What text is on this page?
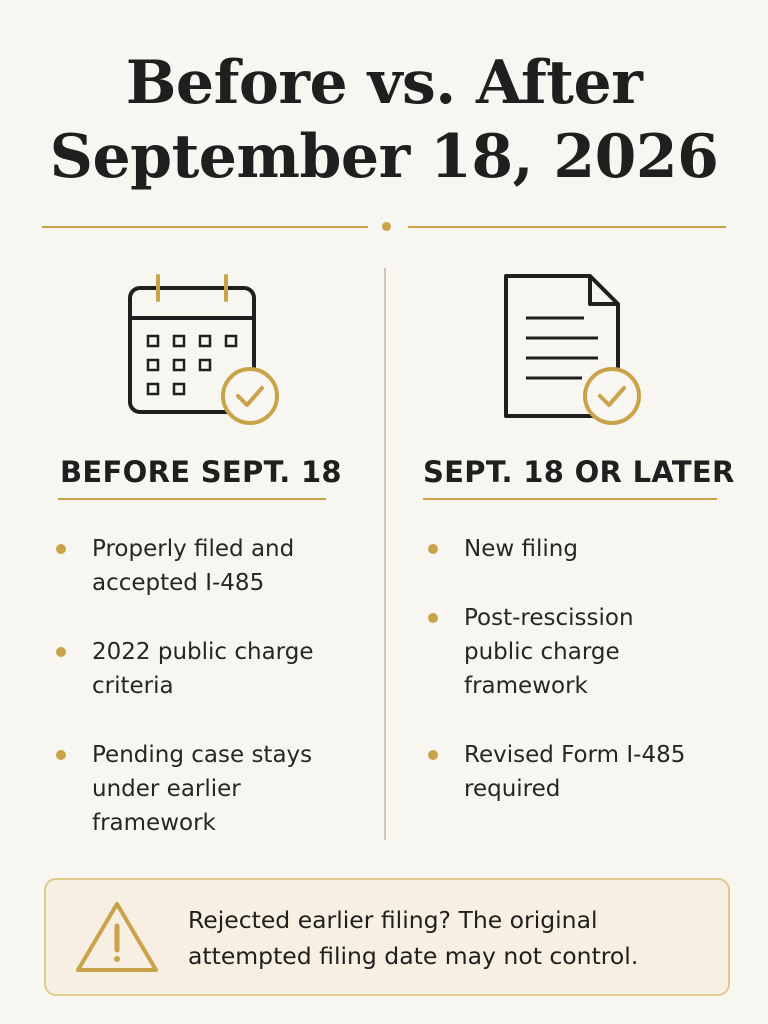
Before vs. After
September 18, 2026
BEFORE SEPT. 18	SEPT. 18 OR LATER
Properly filed and accepted I-485
2022 public charge criteria
Pending case stays under earlier framework
New filing
Post-rescission public charge framework
Revised Form I-485 required
Rejected earlier filing? The original attempted filing date may not control.
